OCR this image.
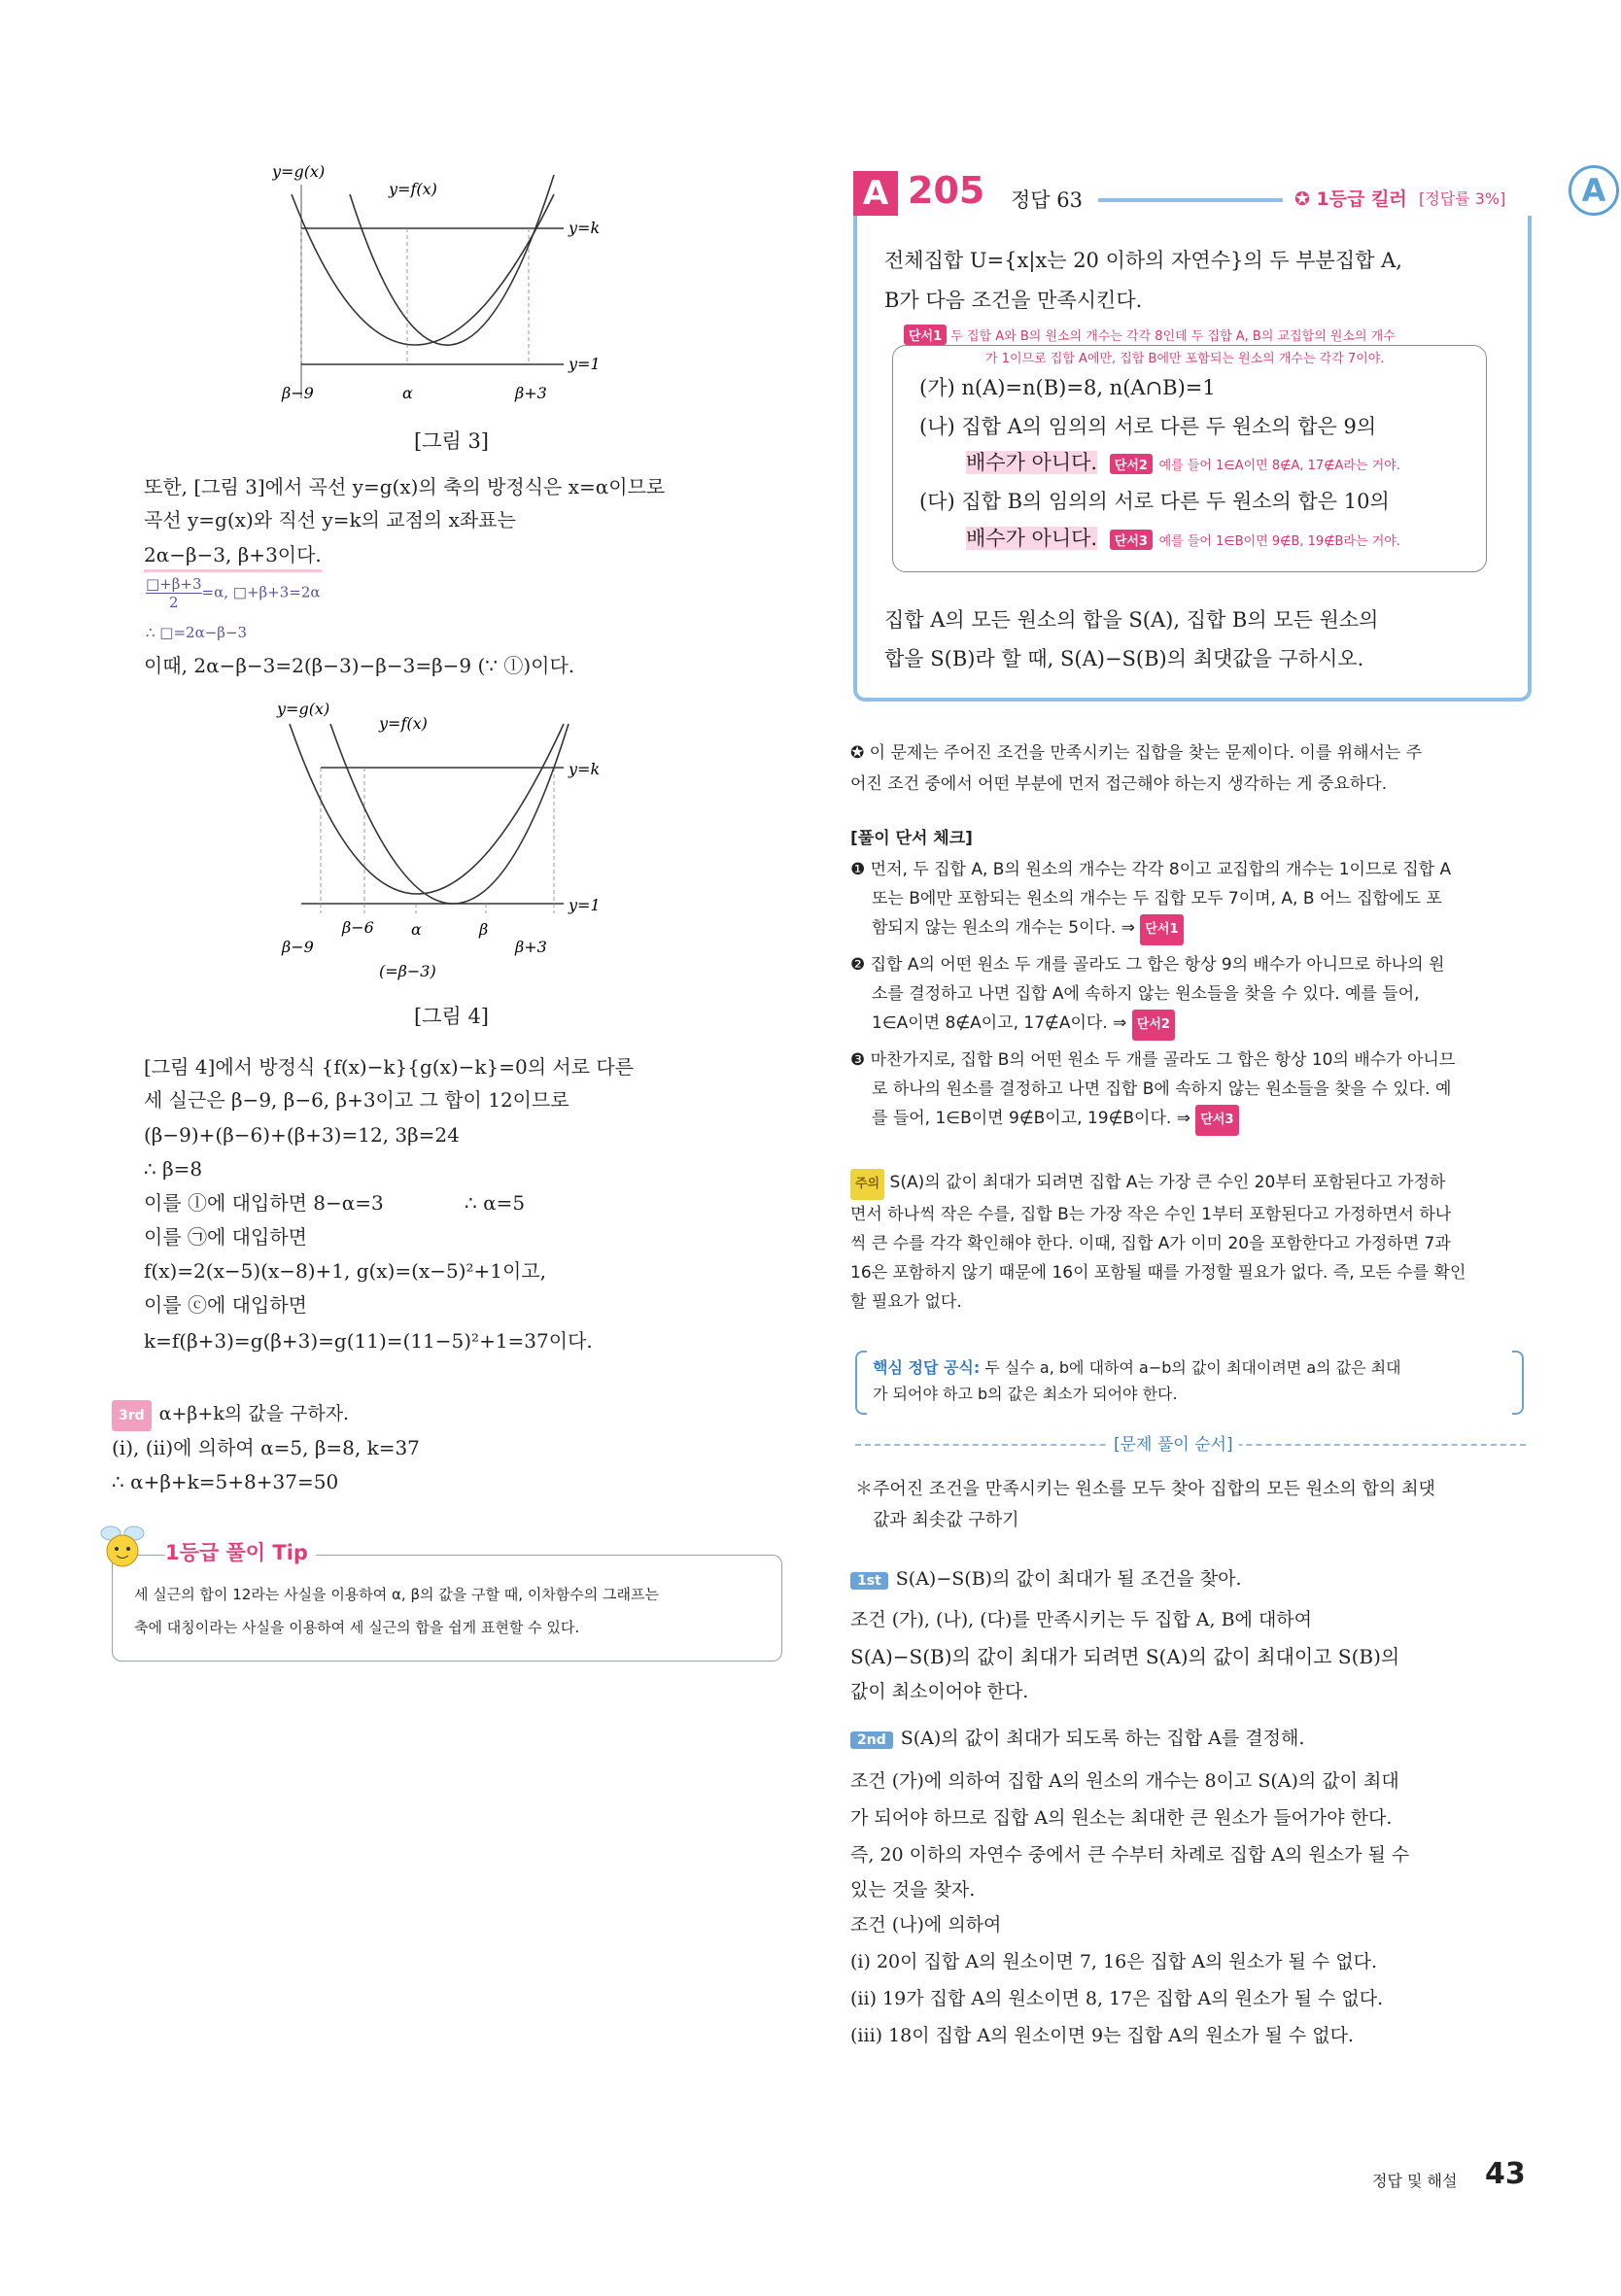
y=g(x)
y=f(x)
y=k
y=1
β−9	α	β+3
[그림 3]
또한, [그림 3]에서 곡선 y=g(x)의 축의 방정식은 x=α이므로
곡선 y=g(x)와 직선 y=k의 교점의 x좌표는
2α−β−3, β+3이다.
$\frac{□+\beta+3}{2} =\alpha$, □+β+3=2α
∴ □=2α−β−3
이때, 2α−β−3=2(β−3)−β−3=β−9 (∵ ⓛ)이다.
y=g(x)
y=f(x)
y=k
y=1
β−9
β−6 α	β
β+3
(=β−3)
[그림 4]
[그림 4]에서 방정식 {f(x)−k}{g(x)−k}=0의 서로 다른
세 실근은 β−9, β−6, β+3이고 그 합이 12이므로
(β−9)+(β−6)+(β+3)=12, 3β=24
∴ β=8
이를 ⓛ에 대입하면 8−α=3	∴ α=5
이를 ㉠에 대입하면
f(x)=2(x−5)(x−8)+1, g(x)=(x−5)²+1이고,
이를 ⓒ에 대입하면
k=f(β+3)=g(β+3)=g(11)=(11−5)²+1=37이다.
3rd α+β+k의 값을 구하자.
(i), (ii)에 의하여 α=5, β=8, k=37
∴ α+β+k=5+8+37=50
1등급 풀이 Tip
세 실근의 합이 12라는 사실을 이용하여 α, β의 값을 구할 때, 이차함수의 그래프는
축에 대칭이라는 사실을 이용하여 세 실근의 합을 쉽게 표현할 수 있다.
A 205 정답 63	✪ 1등급 킬러 [정답률 3%]	A
전체집합 U={x|x는 20 이하의 자연수}의 두 부분집합 A,
B가 다음 조건을 만족시킨다.
단서1 두 집합 A와 B의 원소의 개수는 각각 8인데 두 집합 A, B의 교집합의 원소의 개수
가 1이므로 집합 A에만, 집합 B에만 포함되는 원소의 개수는 각각 7이야.
(가) n(A)=n(B)=8, n(A∩B)=1
(나) 집합 A의 임의의 서로 다른 두 원소의 합은 9의
배수가 아니다. 단서2 예를 들어 1∈A이면 8∉A, 17∉A라는 거야.
(다) 집합 B의 임의의 서로 다른 두 원소의 합은 10의
배수가 아니다. 단서3 예를 들어 1∈B이면 9∉B, 19∉B라는 거야.
집합 A의 모든 원소의 합을 S(A), 집합 B의 모든 원소의
합을 S(B)라 할 때, S(A)−S(B)의 최댓값을 구하시오.
✪ 이 문제는 주어진 조건을 만족시키는 집합을 찾는 문제이다. 이를 위해서는 주
어진 조건 중에서 어떤 부분에 먼저 접근해야 하는지 생각하는 게 중요하다.
[풀이 단서 체크]
❶ 먼저, 두 집합 A, B의 원소의 개수는 각각 8이고 교집합의 개수는 1이므로 집합 A
또는 B에만 포함되는 원소의 개수는 두 집합 모두 7이며, A, B 어느 집합에도 포
함되지 않는 원소의 개수는 5이다. ⇒ 단서1
❷ 집합 A의 어떤 원소 두 개를 골라도 그 합은 항상 9의 배수가 아니므로 하나의 원
소를 결정하고 나면 집합 A에 속하지 않는 원소들을 찾을 수 있다. 예를 들어,
1∈A이면 8∉A이고, 17∉A이다. ⇒ 단서2
❸ 마찬가지로, 집합 B의 어떤 원소 두 개를 골라도 그 합은 항상 10의 배수가 아니므
로 하나의 원소를 결정하고 나면 집합 B에 속하지 않는 원소들을 찾을 수 있다. 예
를 들어, 1∈B이면 9∉B이고, 19∉B이다. ⇒ 단서3
주의 S(A)의 값이 최대가 되려면 집합 A는 가장 큰 수인 20부터 포함된다고 가정하
면서 하나씩 작은 수를, 집합 B는 가장 작은 수인 1부터 포함된다고 가정하면서 하나
씩 큰 수를 각각 확인해야 한다. 이때, 집합 A가 이미 20을 포함한다고 가정하면 7과
16은 포함하지 않기 때문에 16이 포함될 때를 가정할 필요가 없다. 즉, 모든 수를 확인
할 필요가 없다.
핵심 정답 공식: 두 실수 a, b에 대하여 a−b의 값이 최대이려면 a의 값은 최대
가 되어야 하고 b의 값은 최소가 되어야 한다.
[문제 풀이 순서]
＊주어진 조건을 만족시키는 원소를 모두 찾아 집합의 모든 원소의 합의 최댓
값과 최솟값 구하기
1st S(A)−S(B)의 값이 최대가 될 조건을 찾아.
조건 (가), (나), (다)를 만족시키는 두 집합 A, B에 대하여
S(A)−S(B)의 값이 최대가 되려면 S(A)의 값이 최대이고 S(B)의
값이 최소이어야 한다.
2nd S(A)의 값이 최대가 되도록 하는 집합 A를 결정해.
조건 (가)에 의하여 집합 A의 원소의 개수는 8이고 S(A)의 값이 최대
가 되어야 하므로 집합 A의 원소는 최대한 큰 원소가 들어가야 한다.
즉, 20 이하의 자연수 중에서 큰 수부터 차례로 집합 A의 원소가 될 수
있는 것을 찾자.
조건 (나)에 의하여
(i) 20이 집합 A의 원소이면 7, 16은 집합 A의 원소가 될 수 없다.
(ii) 19가 집합 A의 원소이면 8, 17은 집합 A의 원소가 될 수 없다.
(iii) 18이 집합 A의 원소이면 9는 집합 A의 원소가 될 수 없다.
정답 및 해설 43
